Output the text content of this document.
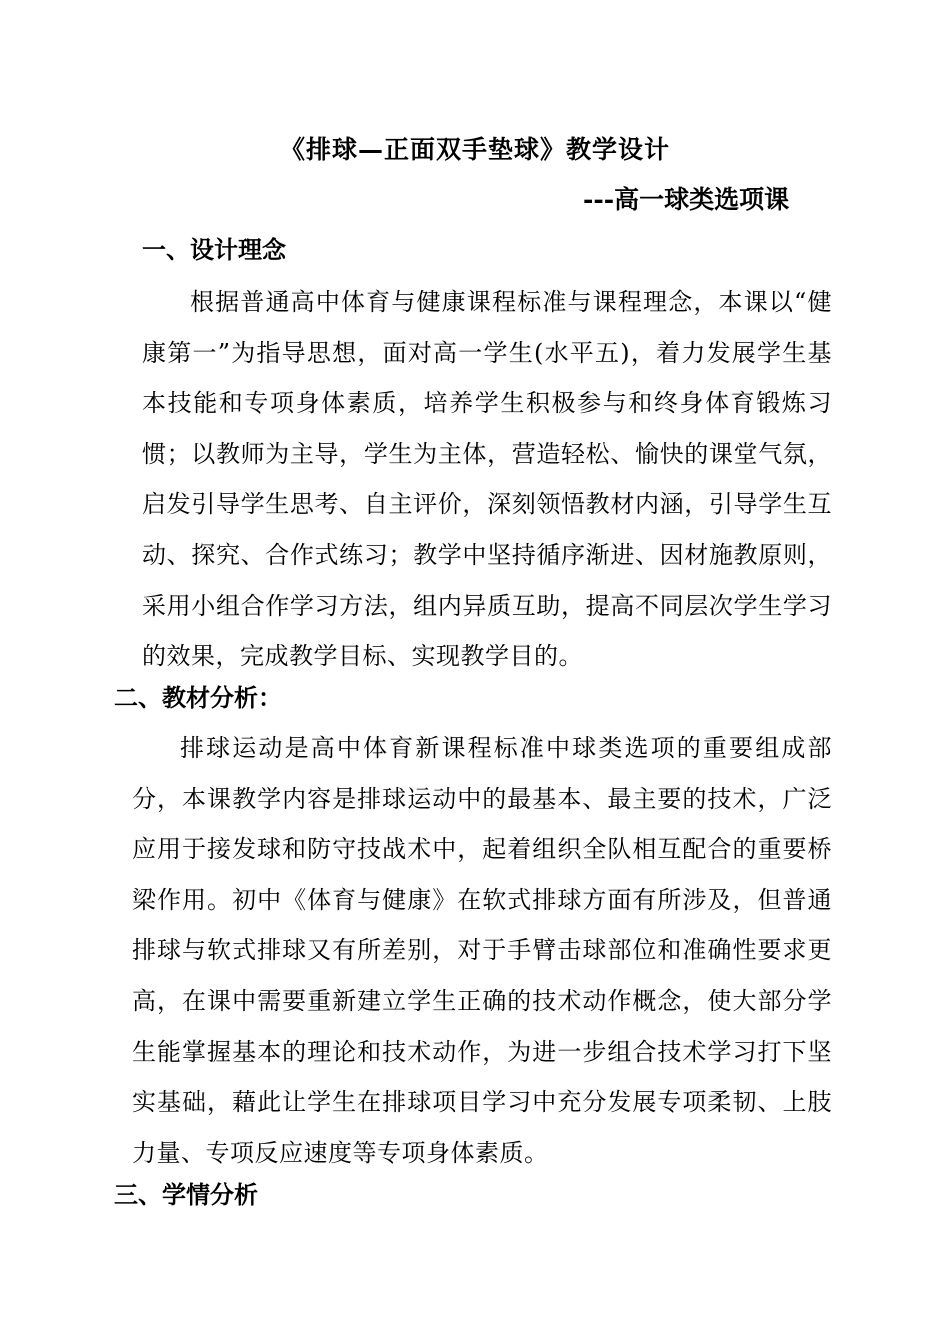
《排球—正面双手垫球》教学设计
---高一球类选项课
一、设计理念

根据普通高中体育与健康课程标准与课程理念，本课以“健康第一”为指导思想，面对高一学生(水平五)，着力发展学生基本技能和专项身体素质，培养学生积极参与和终身体育锻炼习惯；以教师为主导，学生为主体，营造轻松、愉快的课堂气氛，启发引导学生思考、自主评价，深刻领悟教材内涵，引导学生互动、探究、合作式练习；教学中坚持循序渐进、因材施教原则，采用小组合作学习方法，组内异质互助，提高不同层次学生学习的效果，完成教学目标、实现教学目的。

二、教材分析：

排球运动是高中体育新课程标准中球类选项的重要组成部分，本课教学内容是排球运动中的最基本、最主要的技术，广泛应用于接发球和防守技战术中，起着组织全队相互配合的重要桥梁作用。初中《体育与健康》在软式排球方面有所涉及，但普通排球与软式排球又有所差别，对于手臂击球部位和准确性要求更高，在课中需要重新建立学生正确的技术动作概念，使大部分学生能掌握基本的理论和技术动作，为进一步组合技术学习打下坚实基础，藉此让学生在排球项目学习中充分发展专项柔韧、上肢力量、专项反应速度等专项身体素质。

三、学情分析
